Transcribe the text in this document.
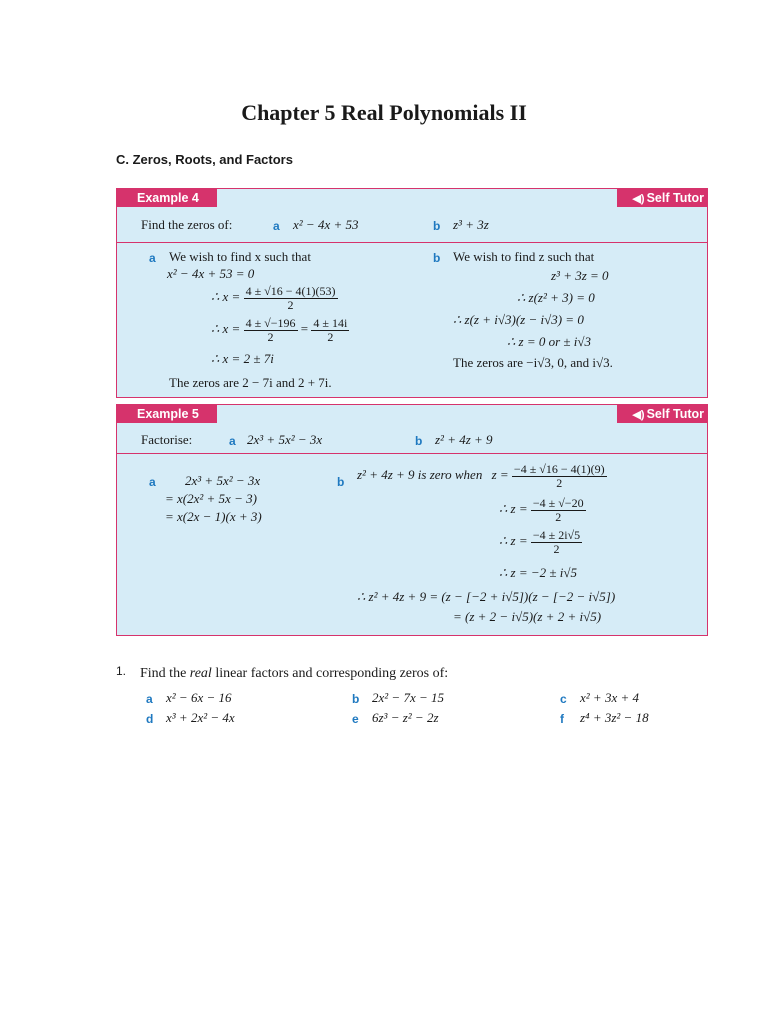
Chapter 5 Real Polynomials II
C. Zeros, Roots, and Factors
Example 4	◀) Self Tutor
Find the zeros of:	a x² − 4x + 53	b z³ + 3z
a We wish to find x such that
x² − 4x + 53 = 0
∴ $x = \frac{4 \pm √16 - 4(1)(53)}{2}$
∴ $x = \frac{4 \pm √-196}{2} = \frac{4 \pm 14i}{2}$
∴ x = 2 ± 7i
The zeros are 2 − 7i and 2 + 7i.
b We wish to find z such that
z³ + 3z = 0
∴ z(z² + 3) = 0
∴ z(z + i√3)(z − i√3) = 0
∴ z = 0 or ± i√3
The zeros are −i√3, 0, and i√3.
Example 5	◀) Self Tutor
Factorise:	a 2x³ + 5x² − 3x	b z² + 4z + 9
a 2x³ + 5x² − 3x
= x(2x² + 5x − 3)
= x(2x − 1)(x + 3)
b z² + 4z + 9 is zero when $z = \frac{-4 \pm √16 - 4(1)(9)}{2}$
∴ $z = \frac{-4 \pm √-20}{2}$
∴ $z = \frac{-4 \pm 2i√5}{2}$
∴ z = −2 ± i√5
∴ z² + 4z + 9 = (z − [−2 + i√5])(z − [−2 − i√5])
= (z + 2 − i√5)(z + 2 + i√5)
1. Find the real linear factors and corresponding zeros of:
a x² − 6x − 16	b 2x² − 7x − 15	c x² + 3x + 4
d x³ + 2x² − 4x	e 6z³ − z² − 2z	f z⁴ + 3z² − 18
